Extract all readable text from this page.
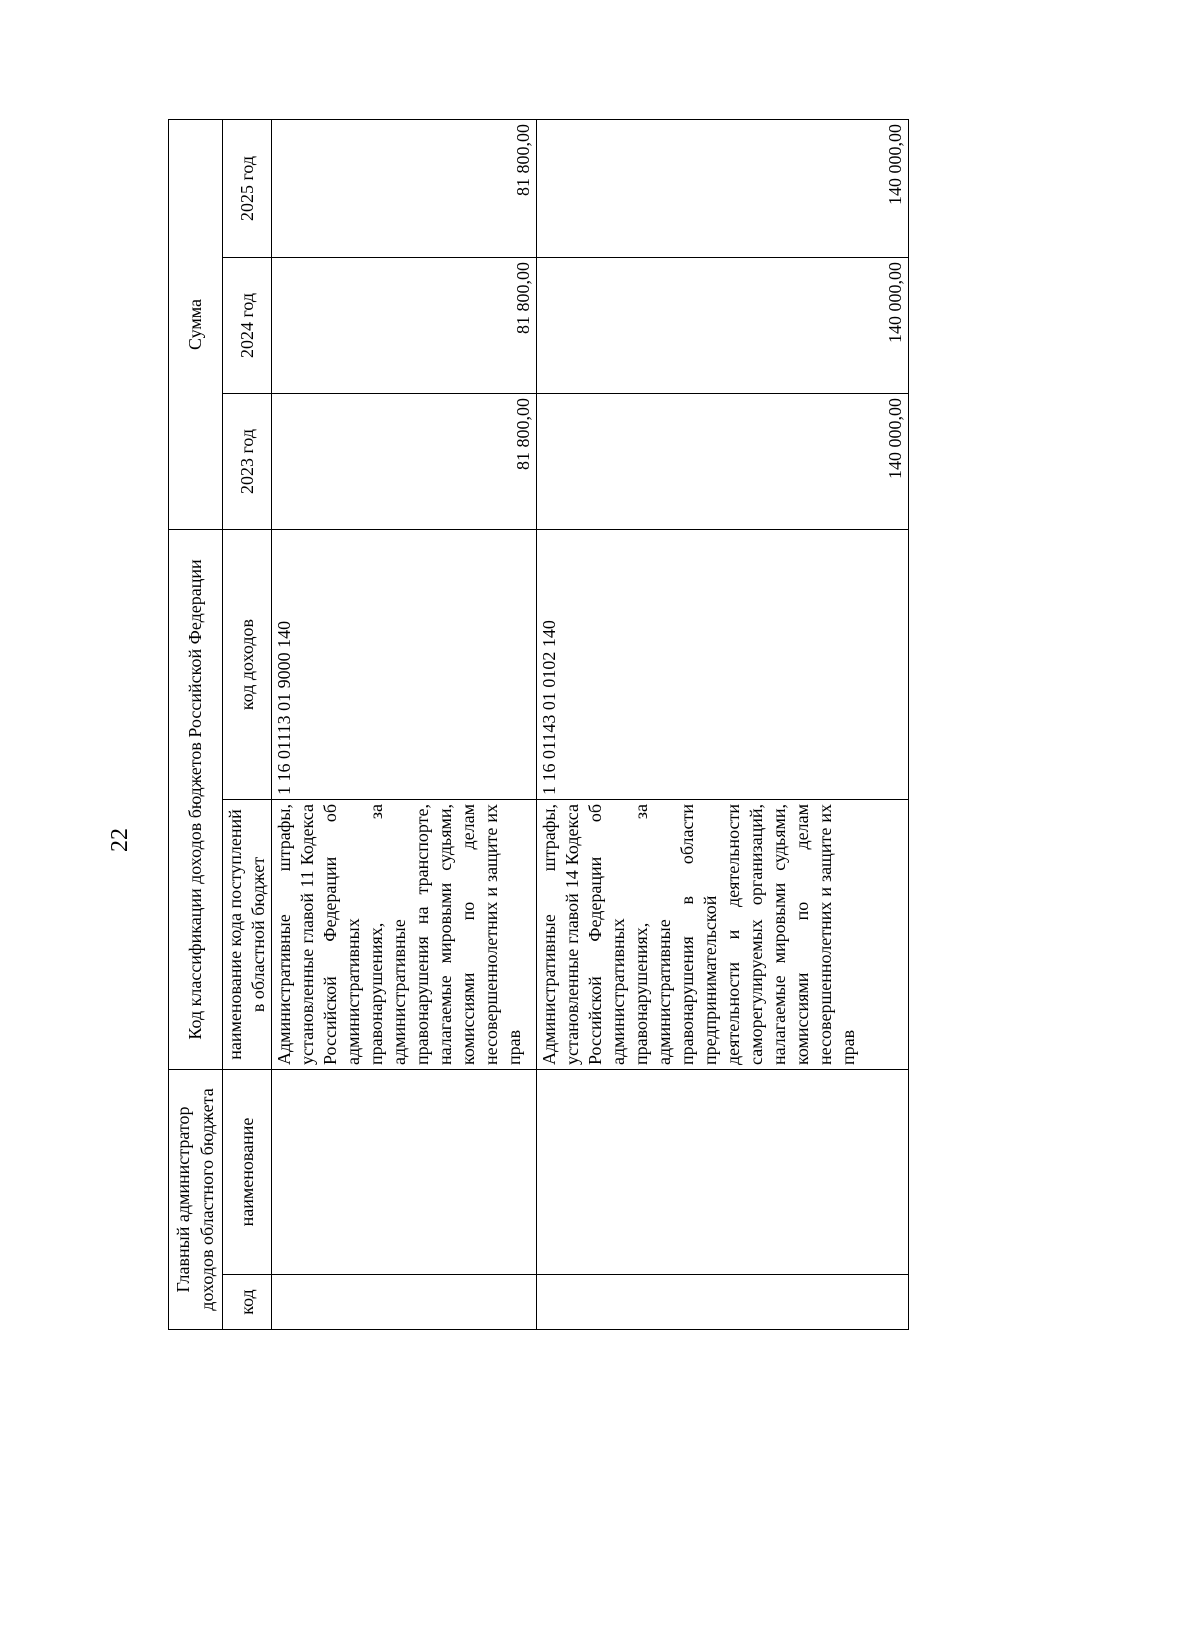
22
Главный администратор доходов областного бюджета		Код классификации доходов бюджетов Российской Федерации		Сумма		
код	наименование	наименование кода поступлений в областной бюджет	код доходов	2023 год	2024 год	2025 год
		Административные штрафы, установленные главой 11 Кодекса Российской Федерации об административных правонарушениях, за административные правонарушения на транспорте, налагаемые мировыми судьями, комиссиями по делам несовершеннолетних и защите их прав	1 16 01113 01 9000 140	81 800,00	81 800,00	81 800,00
		Административные штрафы, установленные главой 14 Кодекса Российской Федерации об административных правонарушениях, за административные правонарушения в области предпринимательской деятельности и деятельности саморегулируемых организаций, налагаемые мировыми судьями, комиссиями по делам несовершеннолетних и защите их прав	1 16 01143 01 0102 140	140 000,00	140 000,00	140 000,00
